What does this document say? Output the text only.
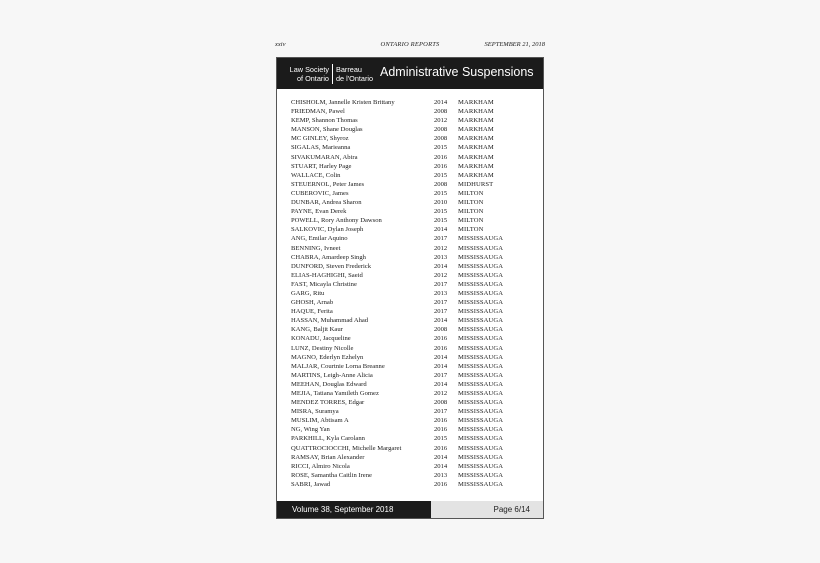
xxiv	ONTARIO REPORTS	SEPTEMBER 21, 2018
Law Society
of Ontario
Barreau
de l'Ontario Administrative Suspensions
CHISHOLM, Jannelle Kristen Brittany	2014 MARKHAM
FRIEDMAN, Pawel	2008 MARKHAM
KEMP, Shannon Thomas	2012 MARKHAM
MANSON, Shane Douglas	2008 MARKHAM
MC GINLEY, Shyroz	2008 MARKHAM
SIGALAS, Marieanna	2015 MARKHAM
SIVAKUMARAN, Abira	2016 MARKHAM
STUART, Harley Page	2016 MARKHAM
WALLACE, Colin	2015 MARKHAM
STEUERNOL, Peter James	2008 MIDHURST
CUBEROVIC, James	2015 MILTON
DUNBAR, Andrea Sharon	2010 MILTON
PAYNE, Evan Derek	2015 MILTON
POWELL, Rory Anthony Dawson	2015 MILTON
SALKOVIC, Dylan Joseph	2014 MILTON
ANG, Emilar Aquino	2017 MISSISSAUGA
BENNING, Ivneet	2012 MISSISSAUGA
CHABRA, Amardeep Singh	2013 MISSISSAUGA
DUNFORD, Steven Frederick	2014 MISSISSAUGA
ELIAS-HAGHIGHI, Saeid	2012 MISSISSAUGA
FAST, Micayla Christine	2017 MISSISSAUGA
GARG, Ritu	2013 MISSISSAUGA
GHOSH, Arnab	2017 MISSISSAUGA
HAQUE, Ferita	2017 MISSISSAUGA
HASSAN, Muhammad Ahad	2014 MISSISSAUGA
KANG, Baljit Kaur	2008 MISSISSAUGA
KONADU, Jacqueline	2016 MISSISSAUGA
LUNZ, Destiny Nicolle	2016 MISSISSAUGA
MAGNO, Ederlyn Ezhelyn	2014 MISSISSAUGA
MALJAR, Courtnie Lorna Breanne	2014 MISSISSAUGA
MARTINS, Leigh-Anne Alicia	2017 MISSISSAUGA
MEEHAN, Douglas Edward	2014 MISSISSAUGA
MEJIA, Tatiana Yamileth Gomez	2012 MISSISSAUGA
MENDEZ TORRES, Edgar	2008 MISSISSAUGA
MISRA, Suramya	2017 MISSISSAUGA
MUSLIM, Abtisam A	2016 MISSISSAUGA
NG, Wing Yan	2016 MISSISSAUGA
PARKHILL, Kyla Carolann	2015 MISSISSAUGA
QUATTROCIOCCHI, Michelle Margaret	2016 MISSISSAUGA
RAMSAY, Brian Alexander	2014 MISSISSAUGA
RICCI, Almiro Nicola	2014 MISSISSAUGA
ROSE, Samantha Caitlin Irene	2013 MISSISSAUGA
SABRI, Jawad	2016 MISSISSAUGA
Volume 38, September 2018	Page 6/14
